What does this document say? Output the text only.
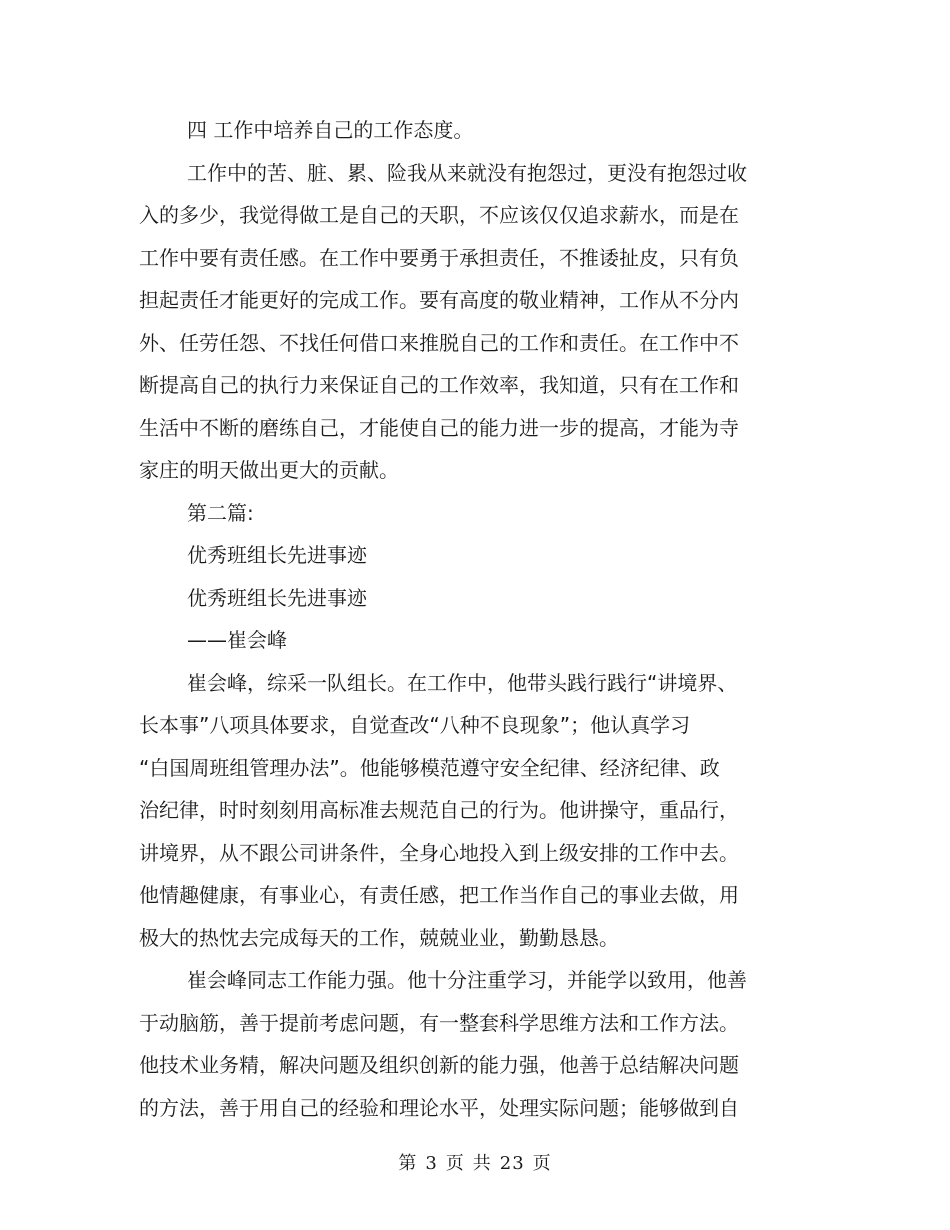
四 工作中培养自己的工作态度。
工作中的苦、脏、累、险我从来就没有抱怨过，更没有抱怨过收
入的多少，我觉得做工是自己的天职，不应该仅仅追求薪水，而是在
工作中要有责任感。在工作中要勇于承担责任，不推诿扯皮，只有负
担起责任才能更好的完成工作。要有高度的敬业精神，工作从不分内
外、任劳任怨、不找任何借口来推脱自己的工作和责任。在工作中不
断提高自己的执行力来保证自己的工作效率，我知道，只有在工作和
生活中不断的磨练自己，才能使自己的能力进一步的提高，才能为寺
家庄的明天做出更大的贡献。
第二篇:
优秀班组长先进事迹
优秀班组长先进事迹
——崔会峰
崔会峰，综采一队组长。在工作中，他带头践行践行“讲境界、
长本事”八项具体要求，自觉查改“八种不良现象”；他认真学习
“白国周班组管理办法”。他能够模范遵守安全纪律、经济纪律、政
治纪律，时时刻刻用高标准去规范自己的行为。他讲操守，重品行，
讲境界，从不跟公司讲条件，全身心地投入到上级安排的工作中去。
他情趣健康，有事业心，有责任感，把工作当作自己的事业去做，用
极大的热忱去完成每天的工作，兢兢业业，勤勤恳恳。
崔会峰同志工作能力强。他十分注重学习，并能学以致用，他善
于动脑筋，善于提前考虑问题，有一整套科学思维方法和工作方法。
他技术业务精，解决问题及组织创新的能力强，他善于总结解决问题
的方法，善于用自己的经验和理论水平，处理实际问题；能够做到自
第 3 页 共 23 页
